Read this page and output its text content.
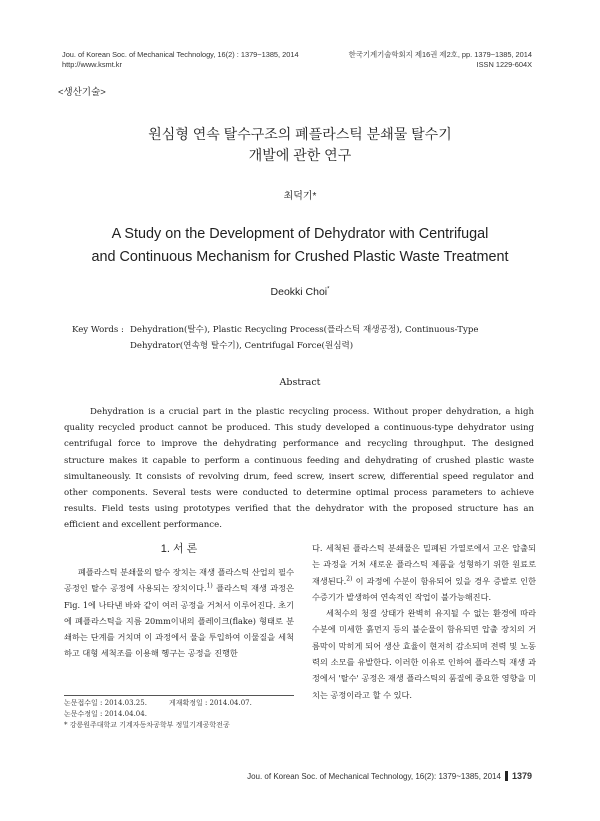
Jou. of Korean Soc. of Mechanical Technology, 16(2) : 1379~1385, 2014
http://www.ksmt.kr
한국기계기술학회지 제16권 제2호, pp. 1379~1385, 2014
ISSN 1229-604X
<생산기술>
원심형 연속 탈수구조의 폐플라스틱 분쇄물 탈수기
개발에 관한 연구
최덕기*
A Study on the Development of Dehydrator with Centrifugal
and Continuous Mechanism for Crushed Plastic Waste Treatment
Deokki Choi*
Key Words : Dehydration(탈수), Plastic Recycling Process(플라스틱 재생공정), Continuous-Type Dehydrator(연속형 탈수기), Centrifugal Force(원심력)
Abstract

Dehydration is a crucial part in the plastic recycling process. Without proper dehydration, a high quality recycled product cannot be produced. This study developed a continuous-type dehydrator using centrifugal force to improve the dehydrating performance and recycling throughput. The designed structure makes it capable to perform a continuous feeding and dehydrating of crushed plastic waste simultaneously. It consists of revolving drum, feed screw, insert screw, differential speed regulator and other components. Several tests were conducted to determine optimal process parameters to achieve results. Field tests using prototypes verified that the dehydrator with the proposed structure has an efficient and excellent performance.

1. 서 론

폐플라스틱 분쇄물의 탈수 장치는 재생 플라스틱 산업의 필수 공정인 탈수 공정에 사용되는 장치이다.$^{1)}$ 플라스틱 재생 과정은 Fig. 1에 나타낸 바와 같이 여러 공정을 거쳐서 이루어진다. 초기에 폐플라스틱을 지름 20mm이내의 플레이크(flake) 형태로 분쇄하는 단계를 거치며 이 과정에서 물을 투입하여 이물질을 세척하고 대형 세척조를 이용해 헹구는 공정을 진행한

다. 세척된 플라스틱 분쇄물은 밀폐된 가열로에서 고온 압출되는 과정을 거쳐 새로운 플라스틱 제품을 성형하기 위한 원료로 재생된다.$^{2)}$ 이 과정에 수분이 함유되어 있을 경우 증발로 인한 수증기가 발생하여 연속적인 작업이 불가능해진다.

세척수의 청결 상태가 완벽히 유지될 수 없는 환경에 따라 수분에 미세한 흙먼지 등의 불순물이 함유되면 압출 장치의 거름막이 막히게 되어 생산 효율이 현저히 감소되며 전력 및 노동력의 소모를 유발한다. 이러한 이유로 인하여 플라스틱 재생 과정에서 '탈수' 공정은 재생 플라스틱의 품질에 중요한 영향을 미치는 공정이라고 할 수 있다.

논문접수일 : 2014.03.25.	게재확정일 : 2014.04.07.
논문수정일 : 2014.04.04.
* 강릉원주대학교 기계자동차공학부 정밀기계공학전공
Jou. of Korean Soc. of Mechanical Technology, 16(2): 1379~1385, 2014 1379
